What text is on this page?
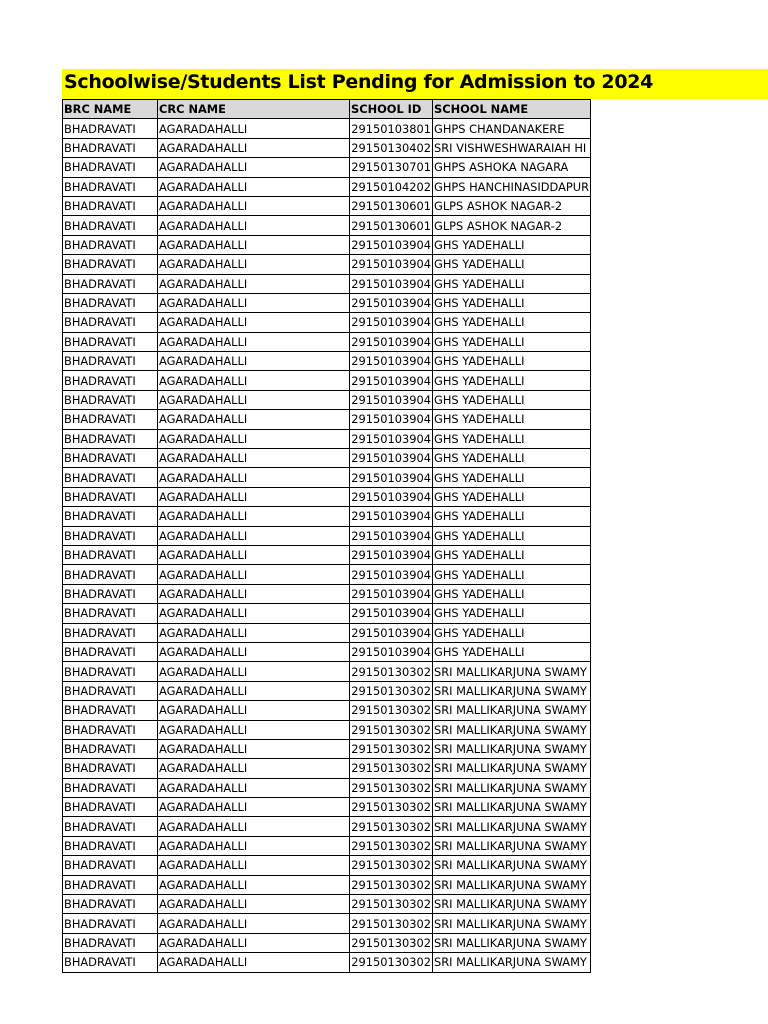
Schoolwise/Students List Pending for Admission to 2024
BRC NAME	CRC NAME	SCHOOL ID	SCHOOL NAME
BHADRAVATI	AGARADAHALLI	29150103801	GHPS CHANDANAKERE
BHADRAVATI	AGARADAHALLI	29150130402	SRI VISHWESHWARAIAH HI
BHADRAVATI	AGARADAHALLI	29150130701	GHPS ASHOKA NAGARA
BHADRAVATI	AGARADAHALLI	29150104202	GHPS HANCHINASIDDAPUR
BHADRAVATI	AGARADAHALLI	29150130601	GLPS ASHOK NAGAR-2
BHADRAVATI	AGARADAHALLI	29150130601	GLPS ASHOK NAGAR-2
BHADRAVATI	AGARADAHALLI	29150103904	GHS YADEHALLI
BHADRAVATI	AGARADAHALLI	29150103904	GHS YADEHALLI
BHADRAVATI	AGARADAHALLI	29150103904	GHS YADEHALLI
BHADRAVATI	AGARADAHALLI	29150103904	GHS YADEHALLI
BHADRAVATI	AGARADAHALLI	29150103904	GHS YADEHALLI
BHADRAVATI	AGARADAHALLI	29150103904	GHS YADEHALLI
BHADRAVATI	AGARADAHALLI	29150103904	GHS YADEHALLI
BHADRAVATI	AGARADAHALLI	29150103904	GHS YADEHALLI
BHADRAVATI	AGARADAHALLI	29150103904	GHS YADEHALLI
BHADRAVATI	AGARADAHALLI	29150103904	GHS YADEHALLI
BHADRAVATI	AGARADAHALLI	29150103904	GHS YADEHALLI
BHADRAVATI	AGARADAHALLI	29150103904	GHS YADEHALLI
BHADRAVATI	AGARADAHALLI	29150103904	GHS YADEHALLI
BHADRAVATI	AGARADAHALLI	29150103904	GHS YADEHALLI
BHADRAVATI	AGARADAHALLI	29150103904	GHS YADEHALLI
BHADRAVATI	AGARADAHALLI	29150103904	GHS YADEHALLI
BHADRAVATI	AGARADAHALLI	29150103904	GHS YADEHALLI
BHADRAVATI	AGARADAHALLI	29150103904	GHS YADEHALLI
BHADRAVATI	AGARADAHALLI	29150103904	GHS YADEHALLI
BHADRAVATI	AGARADAHALLI	29150103904	GHS YADEHALLI
BHADRAVATI	AGARADAHALLI	29150103904	GHS YADEHALLI
BHADRAVATI	AGARADAHALLI	29150103904	GHS YADEHALLI
BHADRAVATI	AGARADAHALLI	29150130302	SRI MALLIKARJUNA SWAMY
BHADRAVATI	AGARADAHALLI	29150130302	SRI MALLIKARJUNA SWAMY
BHADRAVATI	AGARADAHALLI	29150130302	SRI MALLIKARJUNA SWAMY
BHADRAVATI	AGARADAHALLI	29150130302	SRI MALLIKARJUNA SWAMY
BHADRAVATI	AGARADAHALLI	29150130302	SRI MALLIKARJUNA SWAMY
BHADRAVATI	AGARADAHALLI	29150130302	SRI MALLIKARJUNA SWAMY
BHADRAVATI	AGARADAHALLI	29150130302	SRI MALLIKARJUNA SWAMY
BHADRAVATI	AGARADAHALLI	29150130302	SRI MALLIKARJUNA SWAMY
BHADRAVATI	AGARADAHALLI	29150130302	SRI MALLIKARJUNA SWAMY
BHADRAVATI	AGARADAHALLI	29150130302	SRI MALLIKARJUNA SWAMY
BHADRAVATI	AGARADAHALLI	29150130302	SRI MALLIKARJUNA SWAMY
BHADRAVATI	AGARADAHALLI	29150130302	SRI MALLIKARJUNA SWAMY
BHADRAVATI	AGARADAHALLI	29150130302	SRI MALLIKARJUNA SWAMY
BHADRAVATI	AGARADAHALLI	29150130302	SRI MALLIKARJUNA SWAMY
BHADRAVATI	AGARADAHALLI	29150130302	SRI MALLIKARJUNA SWAMY
BHADRAVATI	AGARADAHALLI	29150130302	SRI MALLIKARJUNA SWAMY
